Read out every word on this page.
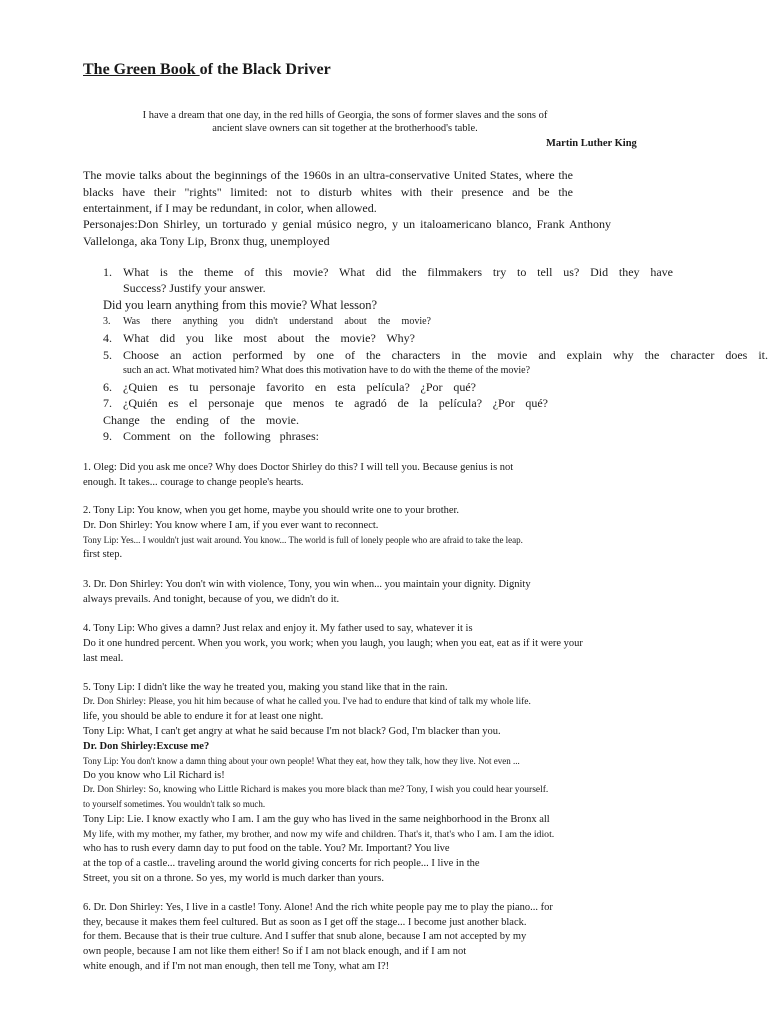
The Green Book of the Black Driver
I have a dream that one day, in the red hills of Georgia, the sons of former slaves and the sons of
ancient slave owners can sit together at the brotherhood's table.
Martin Luther King

The movie talks about the beginnings of the 1960s in an ultra-conservative United States, where the

blacks have their "rights" limited: not to disturb whites with their presence and be the

entertainment, if I may be redundant, in color, when allowed.

Personajes:Don Shirley, un torturado y genial músico negro, y un italoamericano blanco, Frank Anthony
Vallelonga, aka Tony Lip, Bronx thug, unemployed
1. What is the theme of this movie? What did the filmmakers try to tell us? Did they have
Success? Justify your answer.
Did you learn anything from this movie? What lesson?
3.	Was there anything you didn't understand about the movie?
4. What did you like most about the movie? Why?
5. Choose an action performed by one of the characters in the movie and explain why the character does it.
such an act. What motivated him? What does this motivation have to do with the theme of the movie?
6. ¿Quien es tu personaje favorito en esta película? ¿Por qué?
7. ¿Quién es el personaje que menos te agradó de la película? ¿Por qué?
Change the ending of the movie.
9. Comment on the following phrases:
1. Oleg: Did you ask me once? Why does Doctor Shirley do this? I will tell you. Because genius is not
enough. It takes... courage to change people's hearts.
2. Tony Lip: You know, when you get home, maybe you should write one to your brother.
Dr. Don Shirley: You know where I am, if you ever want to reconnect.
Tony Lip: Yes... I wouldn't just wait around. You know... The world is full of lonely people who are afraid to take the leap.
first step.
3. Dr. Don Shirley: You don't win with violence, Tony, you win when... you maintain your dignity. Dignity
always prevails. And tonight, because of you, we didn't do it.
4. Tony Lip: Who gives a damn? Just relax and enjoy it. My father used to say, whatever it is
Do it one hundred percent. When you work, you work; when you laugh, you laugh; when you eat, eat as if it were your
last meal.
5. Tony Lip: I didn't like the way he treated you, making you stand like that in the rain.
Dr. Don Shirley: Please, you hit him because of what he called you. I've had to endure that kind of talk my whole life.
life, you should be able to endure it for at least one night.
Tony Lip: What, I can't get angry at what he said because I'm not black? God, I'm blacker than you.
Dr. Don Shirley:Excuse me?
Tony Lip: You don't know a damn thing about your own people! What they eat, how they talk, how they live. Not even ...
Do you know who Lil Richard is!
Dr. Don Shirley: So, knowing who Little Richard is makes you more black than me? Tony, I wish you could hear yourself.
to yourself sometimes. You wouldn't talk so much.
Tony Lip: Lie. I know exactly who I am. I am the guy who has lived in the same neighborhood in the Bronx all
My life, with my mother, my father, my brother, and now my wife and children. That's it, that's who I am. I am the idiot.
who has to rush every damn day to put food on the table. You? Mr. Important? You live
at the top of a castle... traveling around the world giving concerts for rich people... I live in the
Street, you sit on a throne. So yes, my world is much darker than yours.
6. Dr. Don Shirley: Yes, I live in a castle! Tony. Alone! And the rich white people pay me to play the piano... for
they, because it makes them feel cultured. But as soon as I get off the stage... I become just another black.
for them. Because that is their true culture. And I suffer that snub alone, because I am not accepted by my
own people, because I am not like them either! So if I am not black enough, and if I am not
white enough, and if I'm not man enough, then tell me Tony, what am I?!
